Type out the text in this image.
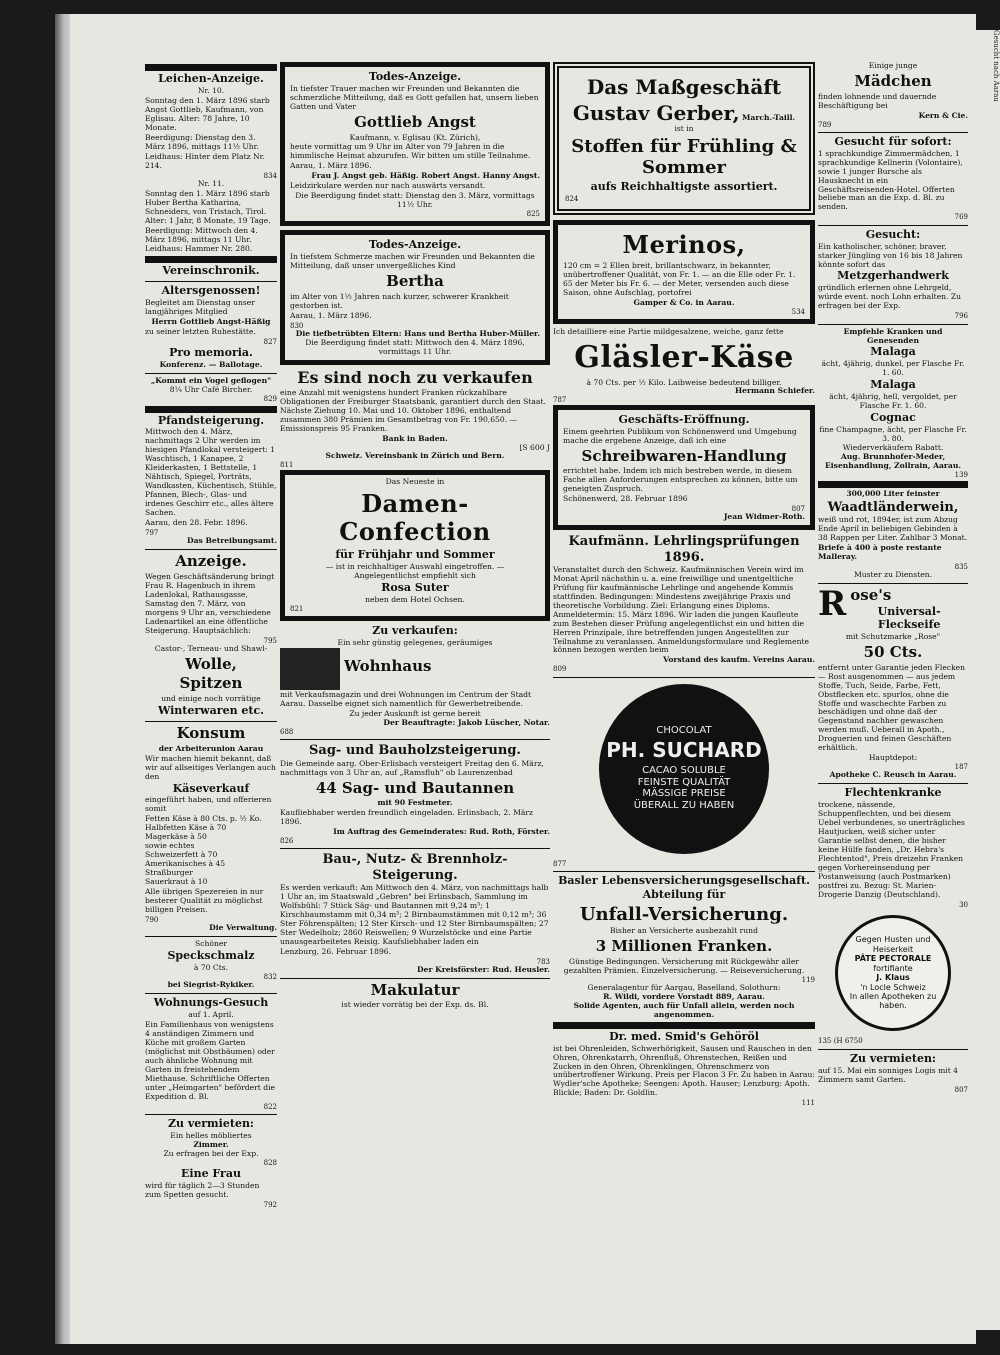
Leichen-Anzeige.
Nr. 10.
Sonntag den 1. März 1896 starb Angst Gottlieb, Kaufmann, von Eglisau. Alter: 78 Jahre, 10 Monate.
Beerdigung: Dienstag den 3. März 1896, mittags 11½ Uhr.
Leidhaus: Hinter dem Platz Nr. 214.
834
Nr. 11.
Sonntag den 1. März 1896 starb Huber Bertha Katharina, Schneiders, von Tristach, Tirol. Alter: 1 Jahr, 8 Monate, 19 Tage.
Beerdigung: Mittwoch den 4. März 1896, mittags 11 Uhr.
Leidhaus: Hammer Nr. 280.
Vereinschronik.
Altersgenossen!
Begleitet am Dienstag unser langjähriges Mitglied
Herrn Gottlieb Angst-Häßig
zu seiner letzten Ruhestätte.
827
Pro memoria.
Konferenz. — Ballotage.
„Kommt ein Vogel geflogen"
8¼ Uhr Café Bircher.
829
Pfandsteigerung.
Mittwoch den 4. März, nachmittags 2 Uhr werden im hiesigen Pfandlokal versteigert: 1 Waschtisch, 1 Kanapee, 2 Kleiderkasten, 1 Bettstelle, 1 Nähtisch, Spiegel, Porträts, Wandkasten, Küchentisch, Stühle, Pfannen, Blech-, Glas- und irdenes Geschirr etc., alles ältere Sachen.
Aarau, den 28. Febr. 1896.
797
Das Betreibungsamt.
Anzeige.
Wegen Geschäftsänderung bringt Frau R. Hagenbuch in ihrem Ladenlokal, Rathausgasse, Samstag den 7. März, von morgens 9 Uhr an, verschiedene Ladenartikel an eine öffentliche Steigerung. Hauptsächlich:
795
Castor-, Terneau- und Shawl-
Wolle,
Spitzen
und einige noch vorrätige
Winterwaren etc.
Konsum
der Arbeiterunion Aarau
Wir machen hiemit bekannt, daß wir auf allseitiges Verlangen auch den
Käseverkauf
eingeführt haben, und offerieren somit
Fetten Käse à 80 Cts. p. ½ Ko.
Halbfetten Käse à 70
Magerkäse à 50
sowie echtes
Schweizerfett à 70
Amerikanisches à 45
Straßburger
Sauerkraut à 10
Alle übrigen Spezereien in nur besterer Qualität zu möglichst billigen Preisen.
790
Die Verwaltung.
Schöner
Speckschmalz
à 70 Cts.
832
bei Siegrist-Rykiker.
Wohnungs-Gesuch
auf 1. April.
Ein Familienhaus von wenigstens 4 anständigen Zimmern und Küche mit großem Garten (möglichst mit Obstbäumen) oder auch ähnliche Wohnung mit Garten in freistehendem Miethause. Schriftliche Offerten unter „Heimgarten" befördert die Expedition d. Bl.
822
Zu vermieten:
Ein helles möbliertes
Zimmer.
Zu erfragen bei der Exp.
828
Eine Frau
wird für täglich 2—3 Stunden zum Spetten gesucht.
792
Todes-Anzeige.
In tiefster Trauer machen wir Freunden und Bekannten die schmerzliche Mitteilung, daß es Gott gefallen hat, unsern lieben Gatten und Vater
Gottlieb Angst
Kaufmann, v. Eglisau (Kt. Zürich),
heute vormittag um 9 Uhr im Alter von 79 Jahren in die himmlische Heimat abzurufen. Wir bitten um stille Teilnahme.
Aarau, 1. März 1896.
Frau J. Angst geb. Häßig. Robert Angst. Hanny Angst.
Leidzirkulare werden nur nach auswärts versandt.
Die Beerdigung findet statt: Dienstag den 3. März, vormittags 11½ Uhr.
825
Todes-Anzeige.
In tiefstem Schmerze machen wir Freunden und Bekannten die Mitteilung, daß unser unvergeßliches Kind
Bertha
im Alter von 1½ Jahren nach kurzer, schwerer Krankheit gestorben ist.
Aarau, 1. März 1896.
830
Die tiefbetrübten Eltern: Hans und Bertha Huber-Müller.
Die Beerdigung findet statt: Mittwoch den 4. März 1896, vormittags 11 Uhr.
Es sind noch zu verkaufen
eine Anzahl mit wenigstens hundert Franken rückzahlbare Obligationen der Freiburger Staatsbank, garantiert durch den Staat. Nächste Ziehung 10. Mai und 10. Oktober 1896, enthaltend zusammen 380 Prämien im Gesamtbetrag von Fr. 190,650. — Emissionspreis 95 Franken.
Bank in Baden.
[S 600 J
Schweiz. Vereinsbank in Zürich und Bern.
811
Das Neueste in
Damen-Confection
für Frühjahr und Sommer
— ist in reichhaltiger Auswahl eingetroffen. —
Angelegentlichst empfiehlt sich
Rosa Suter
neben dem Hotel Ochsen.
821
Zu verkaufen:
Ein sehr günstig gelegenes, geräumiges
Wohnhaus
mit Verkaufsmagazin und drei Wohnungen im Centrum der Stadt Aarau. Dasselbe eignet sich namentlich für Gewerbetreibende.
Zu jeder Auskunft ist gerne bereit
Der Beauftragte: Jakob Lüscher, Notar.
688
Sag- und Bauholzsteigerung.
Die Gemeinde aarg. Ober-Erlisbach versteigert Freitag den 6. März, nachmittags von 3 Uhr an, auf „Ramsfluh" ob Laurenzenbad
44 Sag- und Bautannen
mit 90 Festmeter.
Kaufliebhaber werden freundlich eingeladen. Erlinsbach, 2. März 1896.
Im Auftrag des Gemeinderates: Rud. Roth, Förster.
826
Bau-, Nutz- & Brennholz-Steigerung.
Es werden verkauft: Am Mittwoch den 4. März, von nachmittags halb 1 Uhr an, im Staatswald „Gebren" bei Erlinsbach, Sammlung im Wolfsbühl: 7 Stück Säg- und Bautannen mit 9,24 m³; 1 Kirschbaumstamm mit 0,34 m³; 2 Birnbaumstämmen mit 0,12 m³; 36 Ster Föhrenspälten; 12 Ster Kirsch- und 12 Ster Birnbaumspälten; 27 Ster Wedelholz; 2860 Reiswellen; 9 Wurzelstöcke und eine Partie unausgearbeitetes Reisig. Kaufsliebhaber laden ein
Lenzburg, 26. Februar 1896.
783
Der Kreisförster: Rud. Heusler.
Makulatur
ist wieder vorrätig bei der Exp. ds. Bl.
Das Maßgeschäft
Gustav Gerber, March.-Taill.
ist in
Stoffen für Frühling & Sommer
aufs Reichhaltigste assortiert.
824
Merinos,
120 cm = 2 Ellen breit, brillantschwarz, in bekannter, unübertroffener Qualität, von Fr. 1. — an die Elle oder Fr. 1. 65 der Meter bis Fr. 6. — der Meter, versenden auch diese Saison, ohne Aufschlag, portofrei
Gamper & Co. in Aarau.
534
Ich detailliere eine Partie mildgesalzene, weiche, ganz fette
Gläsler-Käse
à 70 Cts. per ½ Kilo. Laibweise bedeutend billiger.
Hermann Schiefer.
787
Geschäfts-Eröffnung.
Einem geehrten Publikum von Schönenwerd und Umgebung mache die ergebene Anzeige, daß ich eine
Schreibwaren-Handlung
errichtet habe. Indem ich mich bestreben werde, in diesem Fache allen Anforderungen entsprechen zu können, bitte um geneigten Zuspruch.
Schönenwerd, 28. Februar 1896
807
Jean Widmer-Roth.
Kaufmänn. Lehrlingsprüfungen 1896.
Veranstaltet durch den Schweiz. Kaufmännischen Verein wird im Monat April nächsthin u. a. eine freiwillige und unentgeltliche Prüfung für kaufmännische Lehrlinge und angehende Kommis stattfinden. Bedingungen: Mindestens zweijährige Praxis und theoretische Vorbildung. Ziel: Erlangung eines Diploms. Anmeldetermin: 15. März 1896. Wir laden die jungen Kaufleute zum Bestehen dieser Prüfung angelegentlichst ein und bitten die Herren Prinzipale, ihre betreffenden jungen Angestellten zur Teilnahme zu veranlassen. Anmeldungsformulare und Reglemente können bezogen werden beim
Vorstand des kaufm. Vereins Aarau.
809
CHOCOLAT
PH. SUCHARD
CACAO SOLUBLE
FEINSTE QUALITÄT
MÄSSIGE PREISE
ÜBERALL ZU HABEN
877
Basler Lebensversicherungsgesellschaft.
Abteilung für
Unfall-Versicherung.
Bisher an Versicherte ausbezahlt rund
3 Millionen Franken.
Günstige Bedingungen. Versicherung mit Rückgewähr aller gezahlten Prämien. Einzelversicherung. — Reiseversicherung.
119
Generalagentur für Aargau, Baselland, Solothurn:
R. Wildi, vordere Vorstadt 889, Aarau.
Solide Agenten, auch für Unfall allein, werden noch angenommen.
Dr. med. Smid's Gehöröl
ist bei Ohrenleiden, Schwerhörigkeit, Sausen und Rauschen in den Ohren, Ohrenkatarrh, Ohrenfluß, Ohrenstechen, Reißen und Zucken in den Ohren, Ohrenklingen, Ohrenschmerz von unübertroffener Wirkung. Preis per Flacon 3 Fr. Zu haben in Aarau: Wydler'sche Apotheke; Seengen: Apoth. Hauser; Lenzburg: Apoth. Blickle; Baden: Dr. Goldlin.
111
Einige junge
Mädchen
finden lohnende und dauernde Beschäftigung bei
Kern & Cie.
789
Gesucht für sofort:
1 sprachkundige Zimmermädchen, 1 sprachkundige Kellnerin (Volontaire), sowie 1 junger Bursche als Hausknecht in ein Geschäftsreisenden-Hotel. Offerten beliebe man an die Exp. d. Bl. zu senden.
769
Gesucht:
Ein katholischer, schöner, braver, starker Jüngling von 16 bis 18 Jahren könnte sofort das
Metzgerhandwerk
gründlich erlernen ohne Lehrgeld, würde event. noch Lohn erhalten. Zu erfragen bei der Exp.
796
Empfehle Kranken und Genesenden
Malaga
ächt, 4jährig, dunkel, per Flasche Fr. 1. 60.
Malaga
ächt, 4jährig, hell, vergoldet, per Flasche Fr. 1. 60.
Cognac
fine Champagne, ächt, per Flasche Fr. 3. 80.
Wiederverkäufern Rabatt.
Aug. Brunnhofer-Meder, Eisenhandlung, Zollrain, Aarau.
139
300,000 Liter feinster
Waadtländerwein,
weiß und rot, 1894er, ist zum Abzug Ende April in beliebigen Gebinden à 38 Rappen per Liter. Zahlbar 3 Monat.
Briefe à 400 à poste restante Malleray.
835
Muster zu Diensten.
Rose's
Universal-Fleckseife
mit Schutzmarke „Rose"
50 Cts.
entfernt unter Garantie jeden Flecken — Rost ausgenommen — aus jedem Stoffe, Tuch, Seide, Farbe, Fett, Obstflecken etc. spurlos, ohne die Stoffe und waschechte Farben zu beschädigen und ohne daß der Gegenstand nachher gewaschen werden muß. Ueberall in Apoth., Droguerien und feinen Geschäften erhältlich.
Hauptdepot:
187
Apotheke C. Reusch in Aarau.
Flechtenkranke
trockene, nässende, Schuppenflechten, und bei diesem Uebel verbundenes, so unerträgliches Hautjucken, weiß sicher unter Garantie selbst denen, die bisher keine Hülfe fanden, „Dr. Hebra's Flechtentod", Preis dreizehn Franken gegen Vorhereinsendung per Postanweisung (auch Postmarken) postfrei zu. Bezug: St. Marien-Drogerie Danzig (Deutschland).
30
Gegen Husten und Heiserkeit
PÂTE PECTORALE
fortifiante
J. Klaus
'n Locle Schweiz
In allen Apotheken zu haben.
135 (H 6750
Zu vermieten:
auf 15. Mai ein sonniges Logis mit 4 Zimmern samt Garten.
807
Gesucht nach Aarau
